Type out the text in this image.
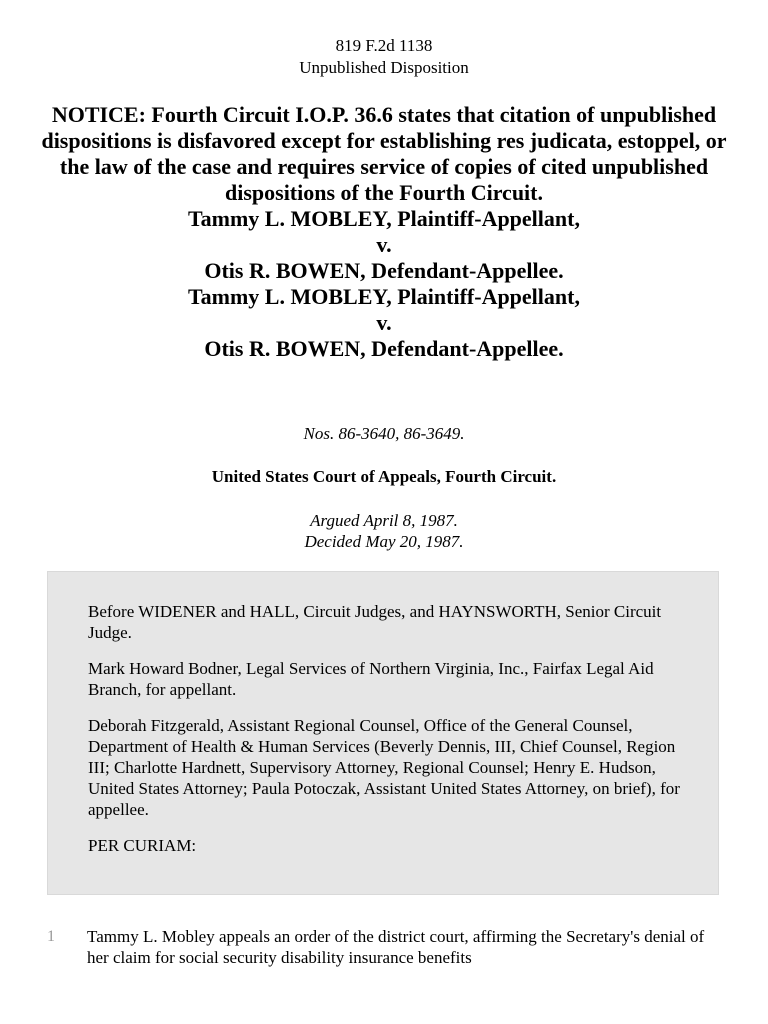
819 F.2d 1138
Unpublished Disposition
NOTICE: Fourth Circuit I.O.P. 36.6 states that citation of unpublished dispositions is disfavored except for establishing res judicata, estoppel, or the law of the case and requires service of copies of cited unpublished dispositions of the Fourth Circuit.
Tammy L. MOBLEY, Plaintiff-Appellant,
v.
Otis R. BOWEN, Defendant-Appellee.
Tammy L. MOBLEY, Plaintiff-Appellant,
v.
Otis R. BOWEN, Defendant-Appellee.
Nos. 86-3640, 86-3649.
United States Court of Appeals, Fourth Circuit.
Argued April 8, 1987.
Decided May 20, 1987.

Before WIDENER and HALL, Circuit Judges, and HAYNSWORTH, Senior Circuit Judge.

Mark Howard Bodner, Legal Services of Northern Virginia, Inc., Fairfax Legal Aid Branch, for appellant.

Deborah Fitzgerald, Assistant Regional Counsel, Office of the General Counsel, Department of Health & Human Services (Beverly Dennis, III, Chief Counsel, Region III; Charlotte Hardnett, Supervisory Attorney, Regional Counsel; Henry E. Hudson, United States Attorney; Paula Potoczak, Assistant United States Attorney, on brief), for appellee.

PER CURIAM:

1 Tammy L. Mobley appeals an order of the district court, affirming the Secretary's denial of her claim for social security disability insurance benefits
